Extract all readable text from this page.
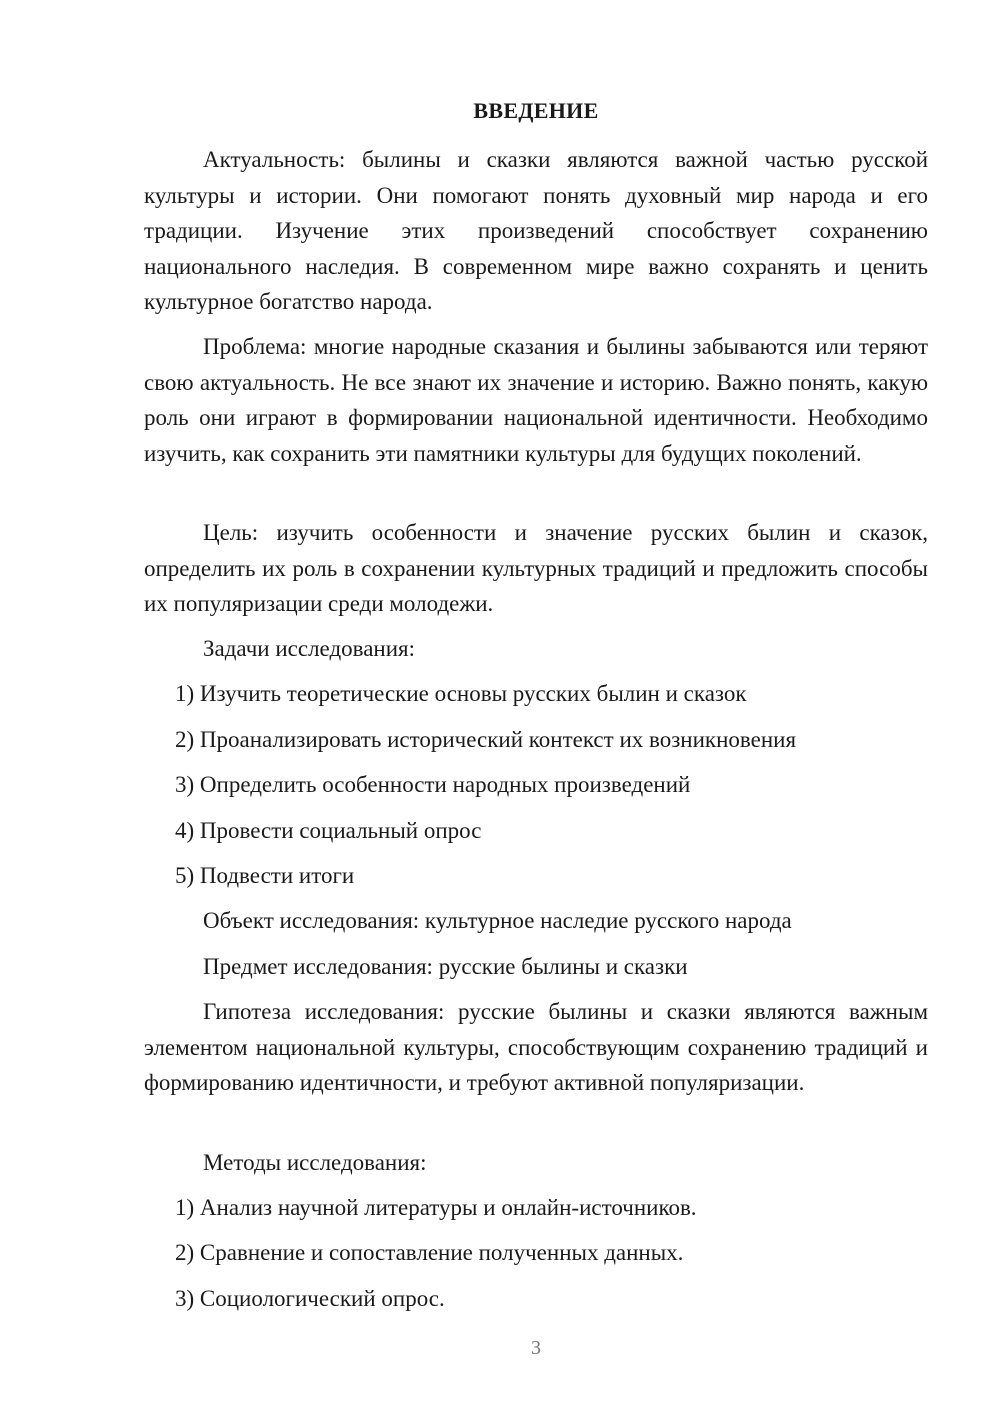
ВВЕДЕНИЕ

Актуальность: былины и сказки являются важной частью русской культуры и истории. Они помогают понять духовный мир народа и его традиции. Изучение этих произведений способствует сохранению национального наследия. В современном мире важно сохранять и ценить культурное богатство народа.

Проблема: многие народные сказания и былины забываются или теряют свою актуальность. Не все знают их значение и историю. Важно понять, какую роль они играют в формировании национальной идентичности. Необходимо изучить, как сохранить эти памятники культуры для будущих поколений.

Цель: изучить особенности и значение русских былин и сказок, определить их роль в сохранении культурных традиций и предложить способы их популяризации среди молодежи.

Задачи исследования:

1) Изучить теоретические основы русских былин и сказок

2) Проанализировать исторический контекст их возникновения

3) Определить особенности народных произведений

4) Провести социальный опрос

5) Подвести итоги

Объект исследования: культурное наследие русского народа

Предмет исследования: русские былины и сказки

Гипотеза исследования: русские былины и сказки являются важным элементом национальной культуры, способствующим сохранению традиций и формированию идентичности, и требуют активной популяризации.

Методы исследования:

1) Анализ научной литературы и онлайн-источников.

2) Сравнение и сопоставление полученных данных.

3) Социологический опрос.

3
